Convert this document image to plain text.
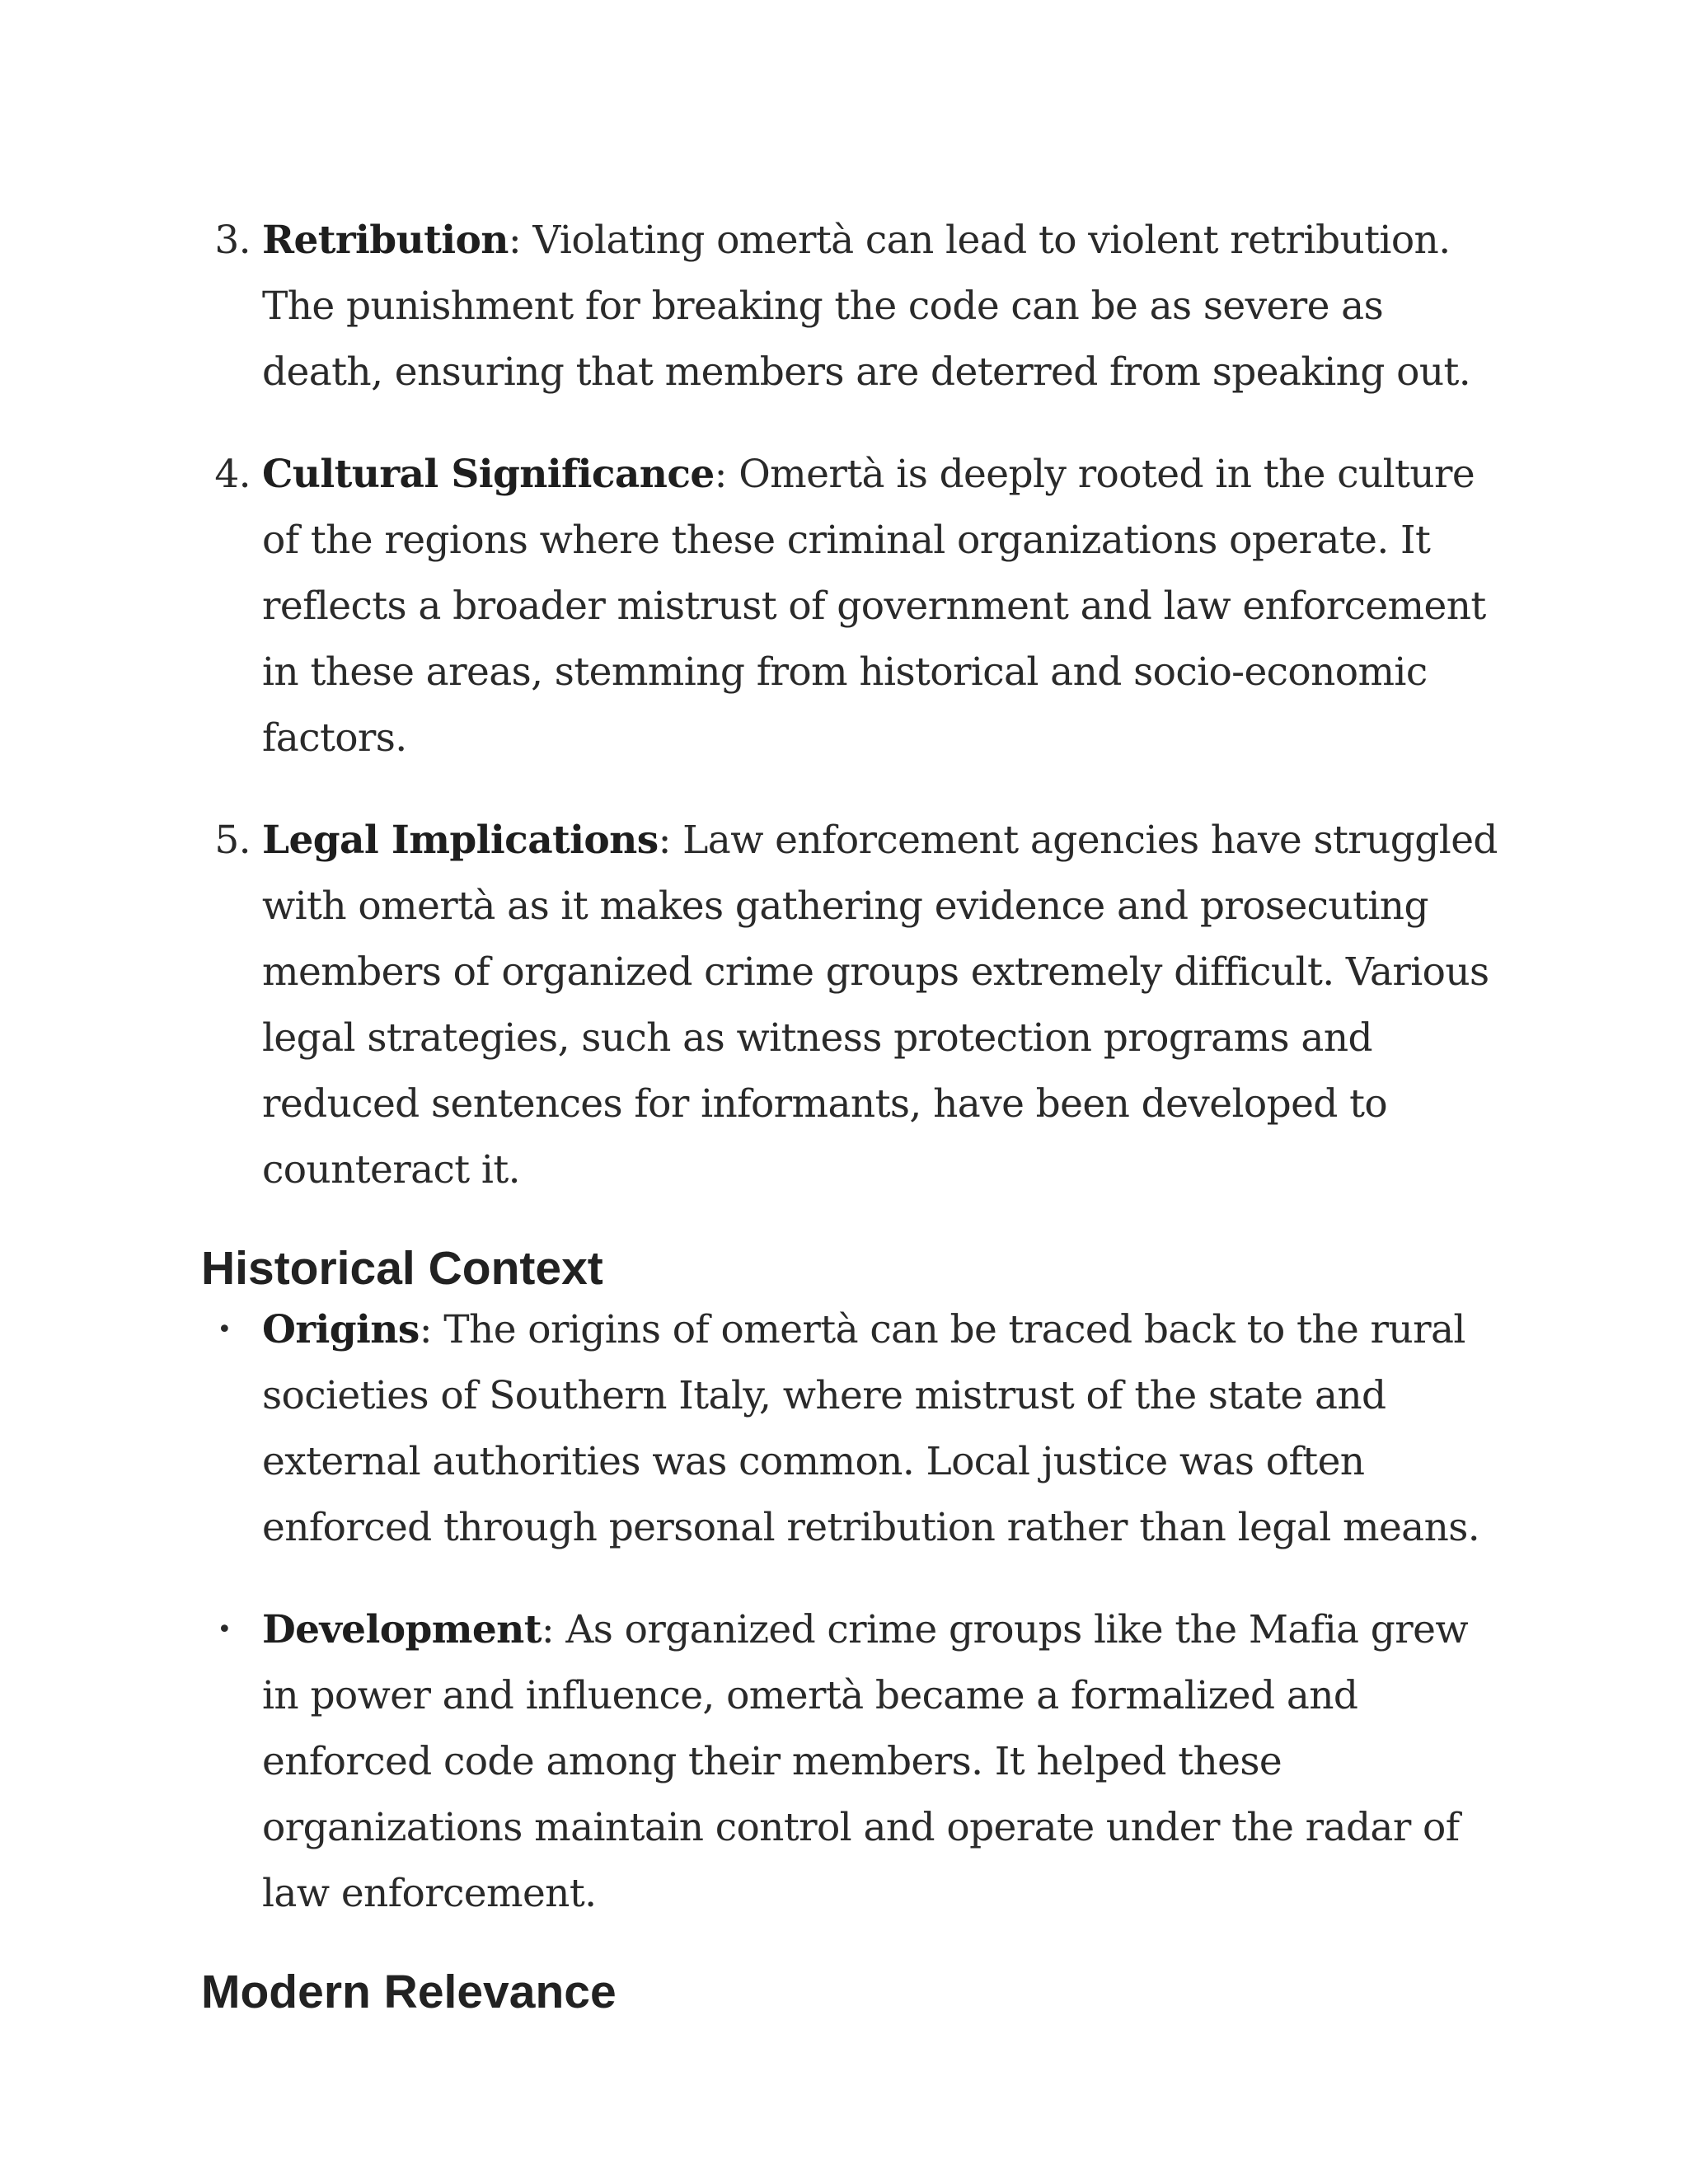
3. Retribution: Violating omertà can lead to violent retribution. The punishment for breaking the code can be as severe as death, ensuring that members are deterred from speaking out.
4. Cultural Significance: Omertà is deeply rooted in the culture of the regions where these criminal organizations operate. It reflects a broader mistrust of government and law enforcement in these areas, stemming from historical and socio-economic factors.
5. Legal Implications: Law enforcement agencies have struggled with omertà as it makes gathering evidence and prosecuting members of organized crime groups extremely difficult. Various legal strategies, such as witness protection programs and reduced sentences for informants, have been developed to counteract it.
Historical Context
• Origins: The origins of omertà can be traced back to the rural societies of Southern Italy, where mistrust of the state and external authorities was common. Local justice was often enforced through personal retribution rather than legal means.
• Development: As organized crime groups like the Mafia grew in power and influence, omertà became a formalized and enforced code among their members. It helped these organizations maintain control and operate under the radar of law enforcement.
Modern Relevance
